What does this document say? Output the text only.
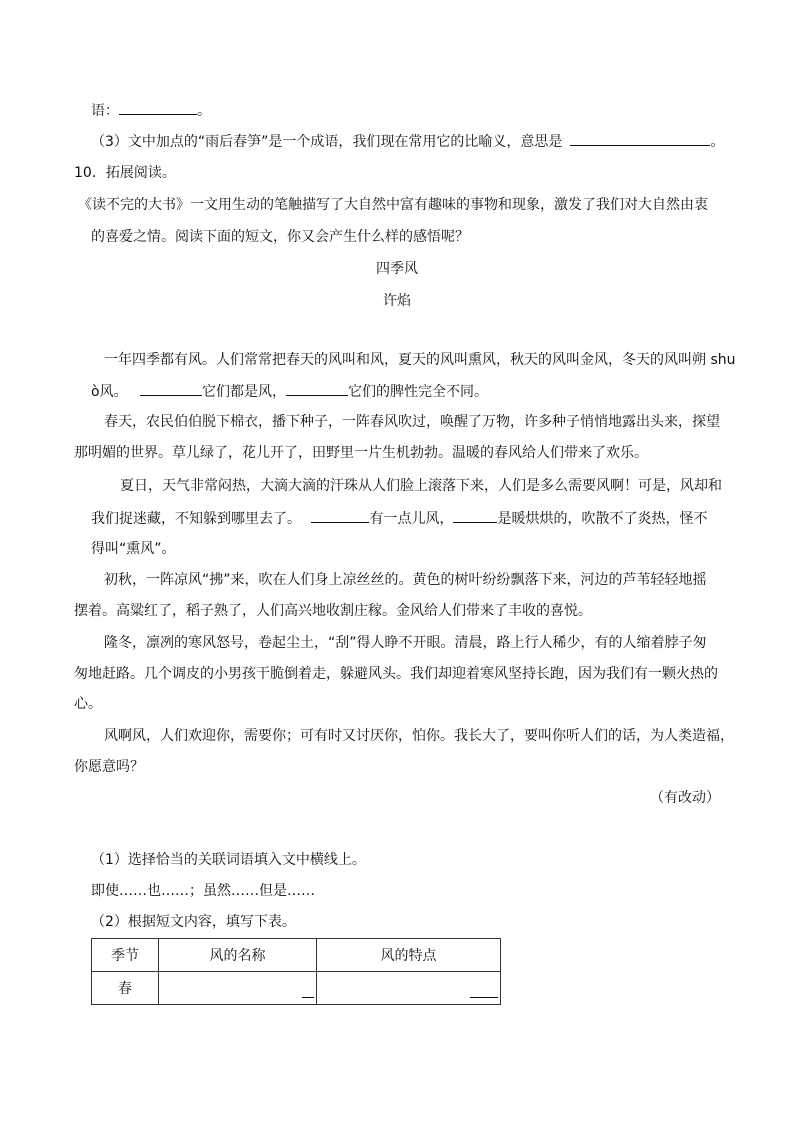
语：	。
（3）文中加点的“雨后春笋”是一个成语，我们现在常用它的比喻义，意思是	。
10．拓展阅读。
《读不完的大书》一文用生动的笔触描写了大自然中富有趣味的事物和现象，激发了我们对大自然由衷
的喜爱之情。阅读下面的短文，你又会产生什么样的感悟呢？
四季风
许焰
一年四季都有风。人们常常把春天的风叫和风，夏天的风叫熏风，秋天的风叫金风，冬天的风叫朔 shu
ò风。	它们都是风，	它们的脾性完全不同。
春天，农民伯伯脱下棉衣，播下种子，一阵春风吹过，唤醒了万物，许多种子悄悄地露出头来，探望
那明媚的世界。草儿绿了，花儿开了，田野里一片生机勃勃。温暖的春风给人们带来了欢乐。
夏日，天气非常闷热，大滴大滴的汗珠从人们脸上滚落下来，人们是多么需要风啊！可是，风却和
我们捉迷藏，不知躲到哪里去了。	有一点儿风，	是暖烘烘的，吹散不了炎热，怪不
得叫“熏风”。
初秋，一阵凉风“拂”来，吹在人们身上凉丝丝的。黄色的树叶纷纷飘落下来，河边的芦苇轻轻地摇
摆着。高粱红了，稻子熟了，人们高兴地收割庄稼。金风给人们带来了丰收的喜悦。
隆冬，凛冽的寒风怒号，卷起尘土，“刮”得人睁不开眼。清晨，路上行人稀少，有的人缩着脖子匆
匆地赶路。几个调皮的小男孩干脆倒着走，躲避风头。我们却迎着寒风坚持长跑，因为我们有一颗火热的
心。
风啊风，人们欢迎你，需要你；可有时又讨厌你，怕你。我长大了，要叫你听人们的话，为人类造福，
你愿意吗？
（有改动）
（1）选择恰当的关联词语填入文中横线上。
即使……也……；虽然……但是……
（2）根据短文内容，填写下表。
季节	风的名称	风的特点
春	
